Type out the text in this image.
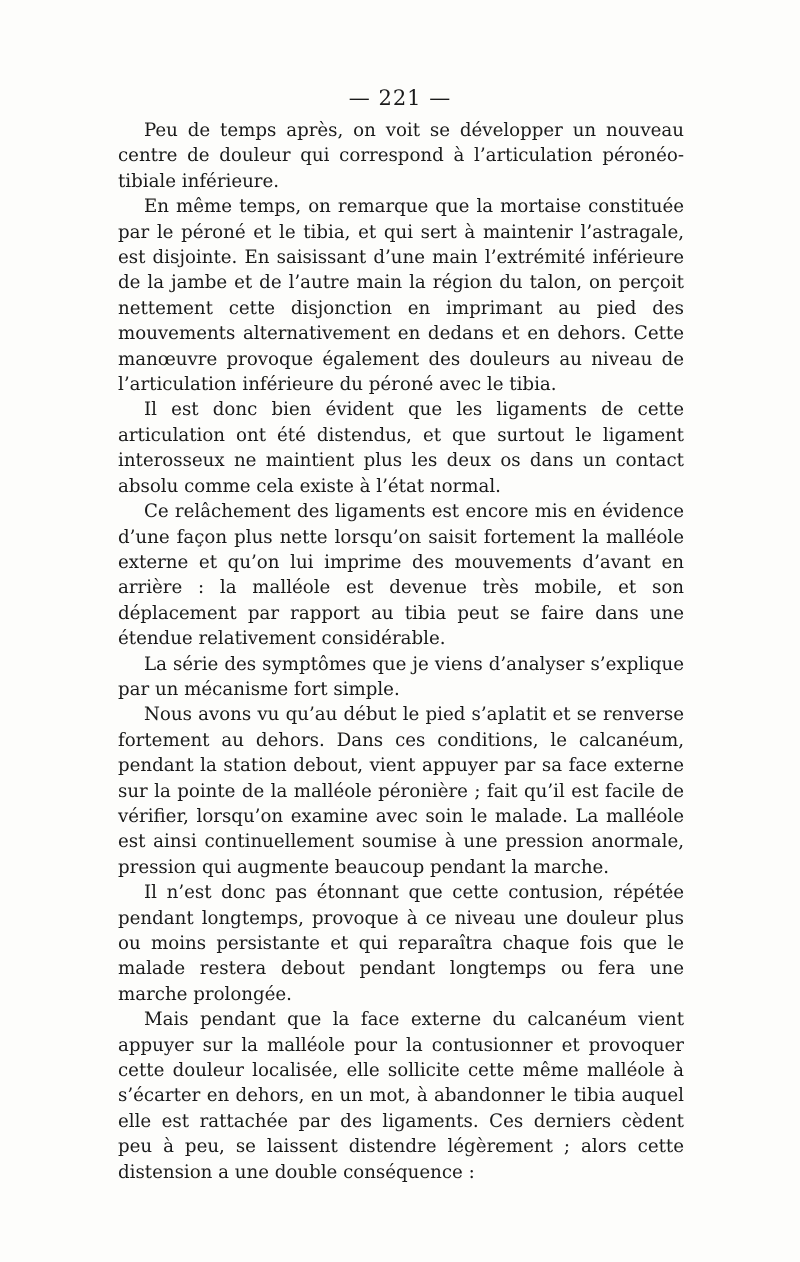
— 221 —

Peu de temps après, on voit se développer un nouveau centre de douleur qui correspond à l’articulation péronéo-tibiale inférieure.

En même temps, on remarque que la mortaise constituée par le péroné et le tibia, et qui sert à maintenir l’astragale, est disjointe. En saisissant d’une main l’extrémité inférieure de la jambe et de l’autre main la région du talon, on perçoit nettement cette disjonction en imprimant au pied des mouvements alternativement en dedans et en dehors. Cette manœuvre provoque également des douleurs au niveau de l’articulation inférieure du péroné avec le tibia.

Il est donc bien évident que les ligaments de cette articulation ont été distendus, et que surtout le ligament interosseux ne maintient plus les deux os dans un contact absolu comme cela existe à l’état normal.

Ce relâchement des ligaments est encore mis en évidence d’une façon plus nette lorsqu’on saisit fortement la malléole externe et qu’on lui imprime des mouvements d’avant en arrière : la malléole est devenue très mobile, et son déplacement par rapport au tibia peut se faire dans une étendue relativement considérable.

La série des symptômes que je viens d’analyser s’explique par un mécanisme fort simple.

Nous avons vu qu’au début le pied s’aplatit et se renverse fortement au dehors. Dans ces conditions, le calcanéum, pendant la station debout, vient appuyer par sa face externe sur la pointe de la malléole péronière ; fait qu’il est facile de vérifier, lorsqu’on examine avec soin le malade. La malléole est ainsi continuellement soumise à une pression anormale, pression qui augmente beaucoup pendant la marche.

Il n’est donc pas étonnant que cette contusion, répétée pendant longtemps, provoque à ce niveau une douleur plus ou moins persistante et qui reparaîtra chaque fois que le malade restera debout pendant longtemps ou fera une marche prolongée.

Mais pendant que la face externe du calcanéum vient appuyer sur la malléole pour la contusionner et provoquer cette douleur localisée, elle sollicite cette même malléole à s’écarter en dehors, en un mot, à abandonner le tibia auquel elle est rattachée par des ligaments. Ces derniers cèdent peu à peu, se laissent distendre légèrement ; alors cette distension a une double conséquence :
